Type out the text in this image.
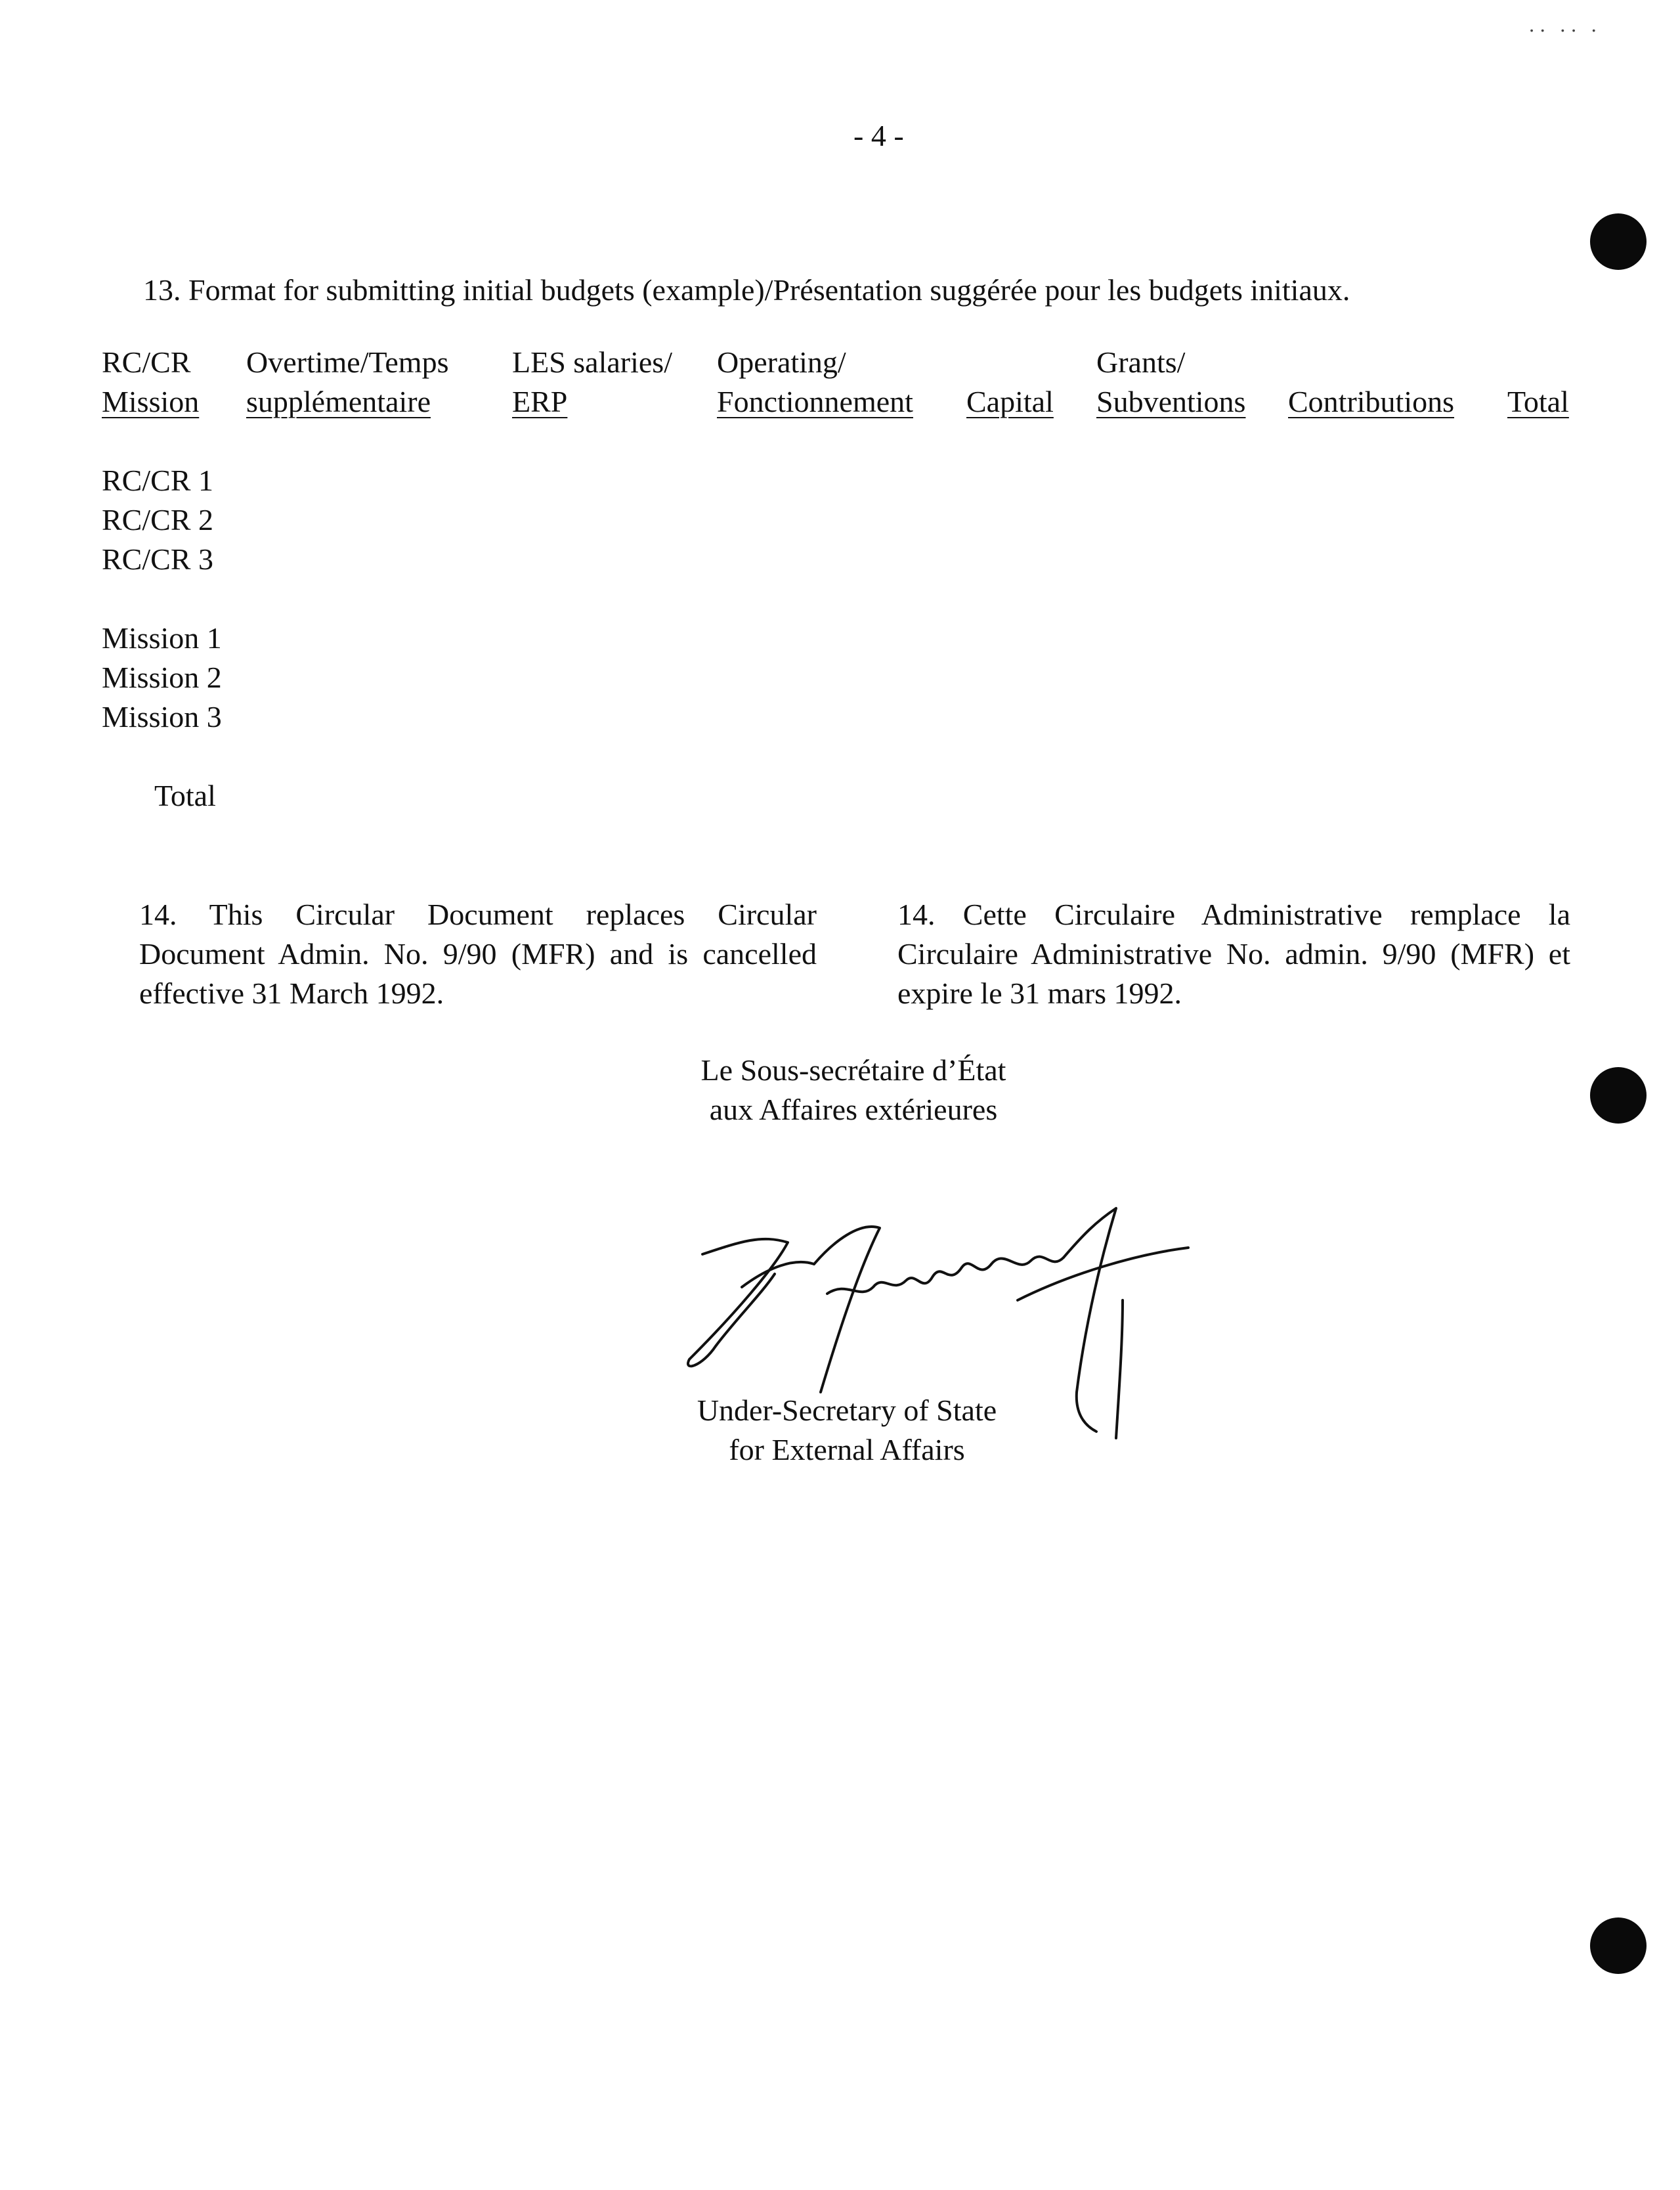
·· ·· ·
- 4 -
13. Format for submitting initial budgets (example)/Présentation suggérée pour les budgets initiaux.
RC/CR
Mission
Overtime/Temps
supplémentaire
LES salaries/
ERP
Operating/
Fonctionnement
Capital
Grants/
Subventions
Contributions
Total
RC/CR 1
RC/CR 2
RC/CR 3
Mission 1
Mission 2
Mission 3
Total
14. This Circular Document replaces Circular Document Admin. No. 9/90 (MFR) and is cancelled effective 31 March 1992.
14. Cette Circulaire Administrative remplace la Circulaire Administrative No. admin. 9/90 (MFR) et expire le 31 mars 1992.
Le Sous-secrétaire d’État
aux Affaires extérieures
Under-Secretary of State
for External Affairs
